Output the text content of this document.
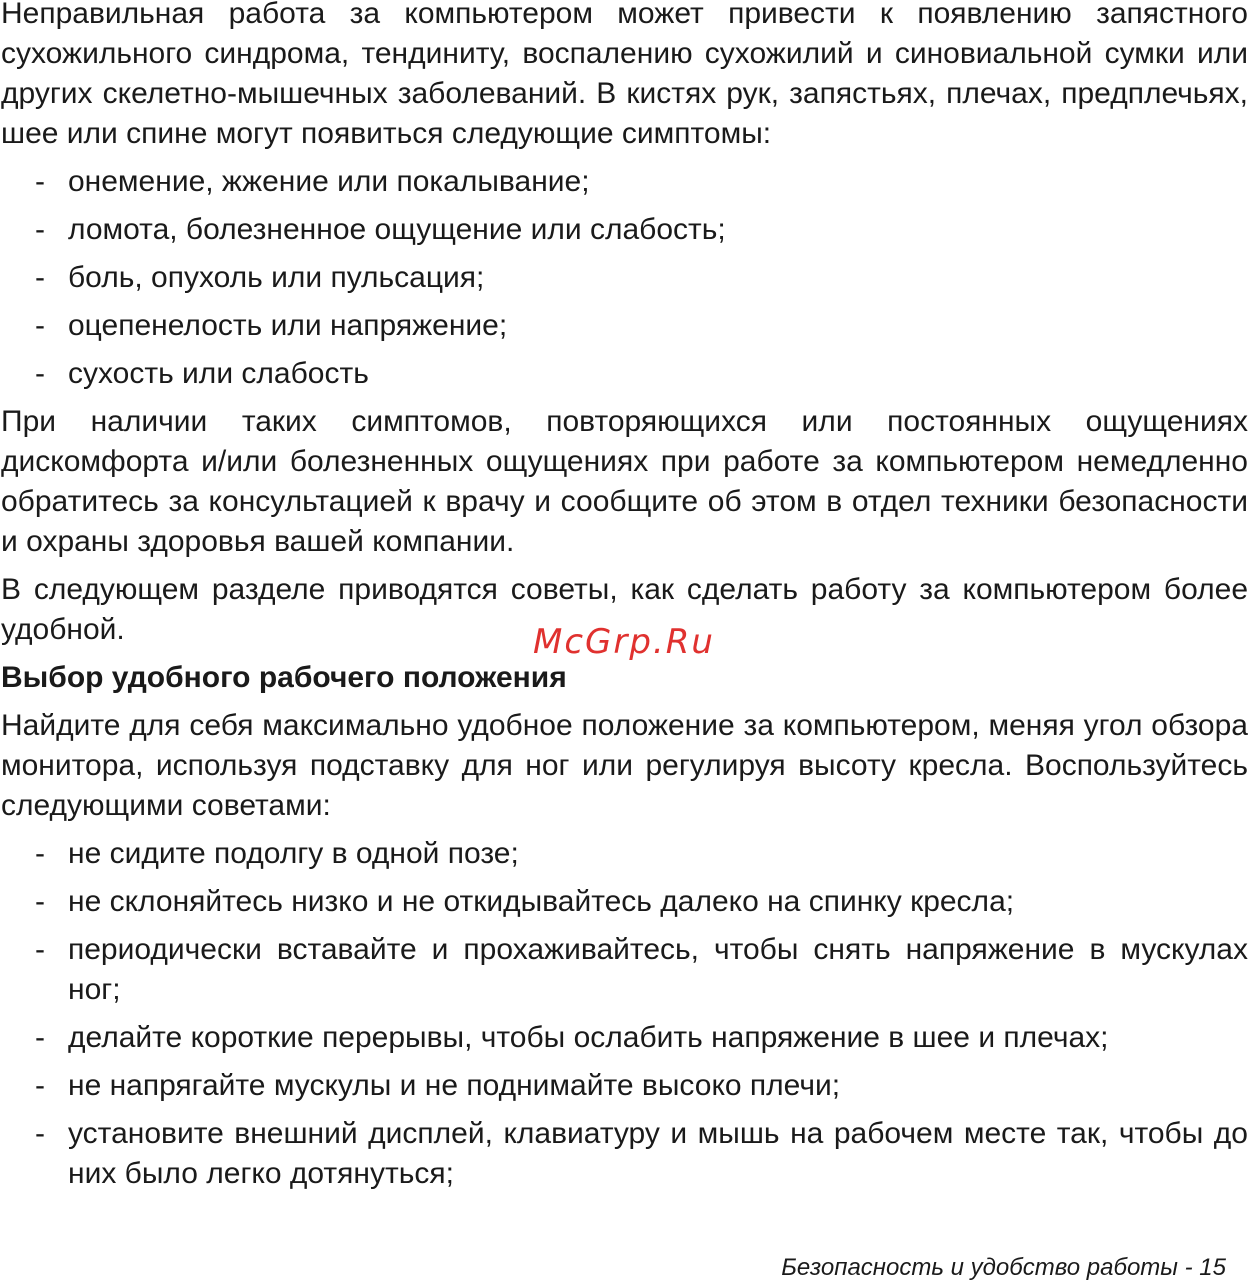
Неправильная работа за компьютером может привести к появлению запястного сухожильного синдрома, тендиниту, воспалению сухожилий и синовиальной сумки или других скелетно-мышечных заболеваний. В кистях рук, запястьях, плечах, предплечьях, шее или спине могут появиться следующие симптомы:

- онемение, жжение или покалывание;
- ломота, болезненное ощущение или слабость;
- боль, опухоль или пульсация;
- оцепенелость или напряжение;
- сухость или слабость

При наличии таких симптомов, повторяющихся или постоянных ощущениях дискомфорта и/или болезненных ощущениях при работе за компьютером немедленно обратитесь за консультацией к врачу и сообщите об этом в отдел техники безопасности и охраны здоровья вашей компании.

В следующем разделе приводятся советы, как сделать работу за компьютером более удобной.

Выбор удобного рабочего положения

Найдите для себя максимально удобное положение за компьютером, меняя угол обзора монитора, используя подставку для ног или регулируя высоту кресла. Воспользуйтесь следующими советами:

- не сидите подолгу в одной позе;
- не склоняйтесь низко и не откидывайтесь далеко на спинку кресла;
- периодически вставайте и прохаживайтесь, чтобы снять напряжение в мускулах ног;
- делайте короткие перерывы, чтобы ослабить напряжение в шее и плечах;
- не напрягайте мускулы и не поднимайте высоко плечи;
- установите внешний дисплей, клавиатуру и мышь на рабочем месте так, чтобы до них было легко дотянуться;
McGrp.Ru
Безопасность и удобство работы - 15
